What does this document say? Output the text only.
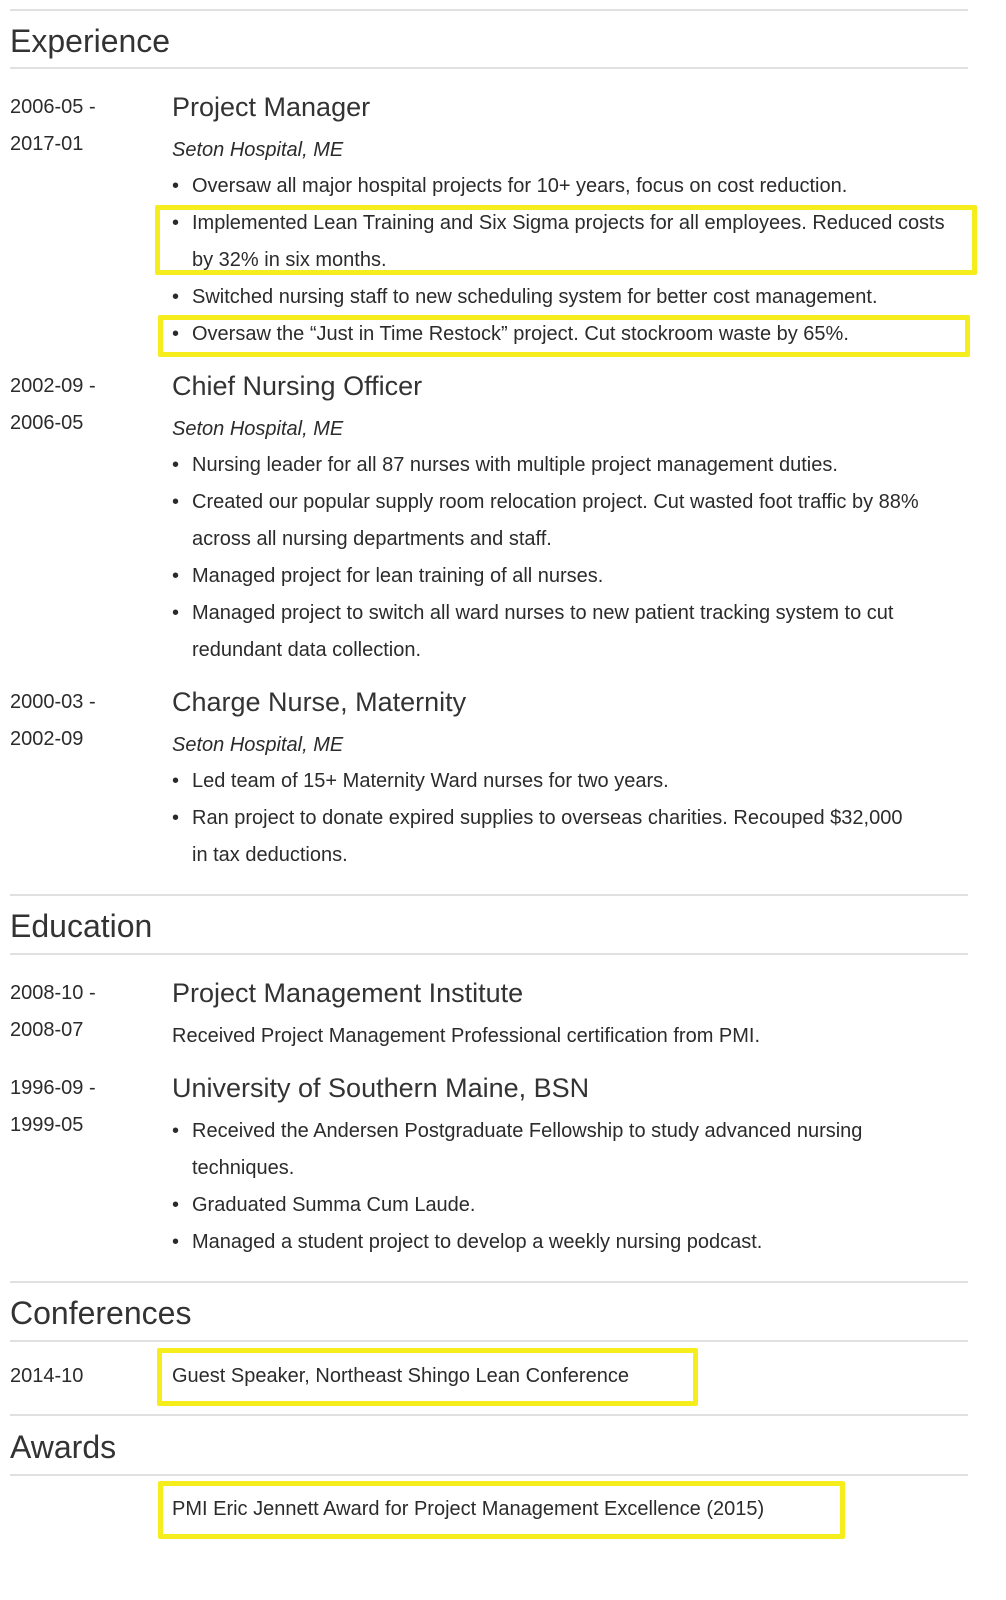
Experience
2006-05 -
2017-01
Project Manager
Seton Hospital, ME
• Oversaw all major hospital projects for 10+ years, focus on cost reduction.
• Implemented Lean Training and Six Sigma projects for all employees. Reduced costs by 32% in six months.
• Switched nursing staff to new scheduling system for better cost management.
• Oversaw the “Just in Time Restock” project. Cut stockroom waste by 65%.
2002-09 -
2006-05
Chief Nursing Officer
Seton Hospital, ME
• Nursing leader for all 87 nurses with multiple project management duties.
• Created our popular supply room relocation project. Cut wasted foot traffic by 88% across all nursing departments and staff.
• Managed project for lean training of all nurses.
• Managed project to switch all ward nurses to new patient tracking system to cut redundant data collection.
2000-03 -
2002-09
Charge Nurse, Maternity
Seton Hospital, ME
• Led team of 15+ Maternity Ward nurses for two years.
• Ran project to donate expired supplies to overseas charities. Recouped $32,000 in tax deductions.
Education
2008-10 -
2008-07
Project Management Institute
Received Project Management Professional certification from PMI.
1996-09 -
1999-05
University of Southern Maine, BSN
• Received the Andersen Postgraduate Fellowship to study advanced nursing techniques.
• Graduated Summa Cum Laude.
• Managed a student project to develop a weekly nursing podcast.
Conferences
2014-10	Guest Speaker, Northeast Shingo Lean Conference
Awards
PMI Eric Jennett Award for Project Management Excellence (2015)
